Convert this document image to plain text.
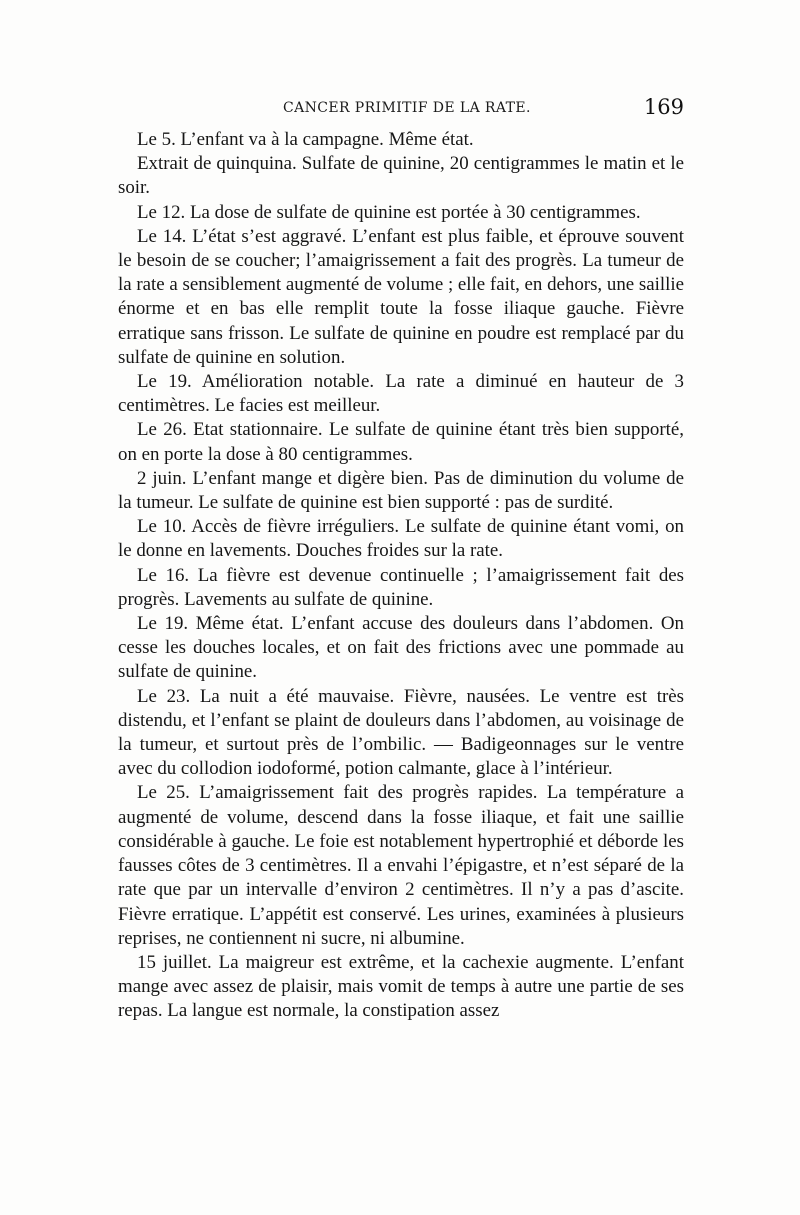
CANCER PRIMITIF DE LA RATE.	169

Le 5. L’enfant va à la campagne. Même état.

Extrait de quinquina. Sulfate de quinine, 20 centigrammes le matin et le soir.

Le 12. La dose de sulfate de quinine est portée à 30 centigrammes.

Le 14. L’état s’est aggravé. L’enfant est plus faible, et éprouve souvent le besoin de se coucher; l’amaigrissement a fait des progrès. La tumeur de la rate a sensiblement augmenté de volume ; elle fait, en dehors, une saillie énorme et en bas elle remplit toute la fosse iliaque gauche. Fièvre erratique sans frisson. Le sulfate de quinine en poudre est remplacé par du sulfate de quinine en solution.

Le 19. Amélioration notable. La rate a diminué en hauteur de 3 centimètres. Le facies est meilleur.

Le 26. Etat stationnaire. Le sulfate de quinine étant très bien supporté, on en porte la dose à 80 centigrammes.

2 juin. L’enfant mange et digère bien. Pas de diminution du volume de la tumeur. Le sulfate de quinine est bien supporté : pas de surdité.

Le 10. Accès de fièvre irréguliers. Le sulfate de quinine étant vomi, on le donne en lavements. Douches froides sur la rate.

Le 16. La fièvre est devenue continuelle ; l’amaigrissement fait des progrès. Lavements au sulfate de quinine.

Le 19. Même état. L’enfant accuse des douleurs dans l’abdomen. On cesse les douches locales, et on fait des frictions avec une pommade au sulfate de quinine.

Le 23. La nuit a été mauvaise. Fièvre, nausées. Le ventre est très distendu, et l’enfant se plaint de douleurs dans l’abdomen, au voisinage de la tumeur, et surtout près de l’ombilic. — Badigeonnages sur le ventre avec du collodion iodoformé, potion calmante, glace à l’intérieur.

Le 25. L’amaigrissement fait des progrès rapides. La température a augmenté de volume, descend dans la fosse iliaque, et fait une saillie considérable à gauche. Le foie est notablement hypertrophié et déborde les fausses côtes de 3 centimètres. Il a envahi l’épigastre, et n’est séparé de la rate que par un intervalle d’environ 2 centimètres. Il n’y a pas d’ascite. Fièvre erratique. L’appétit est conservé. Les urines, examinées à plusieurs reprises, ne contiennent ni sucre, ni albumine.

15 juillet. La maigreur est extrême, et la cachexie augmente. L’enfant mange avec assez de plaisir, mais vomit de temps à autre une partie de ses repas. La langue est normale, la constipation assez
